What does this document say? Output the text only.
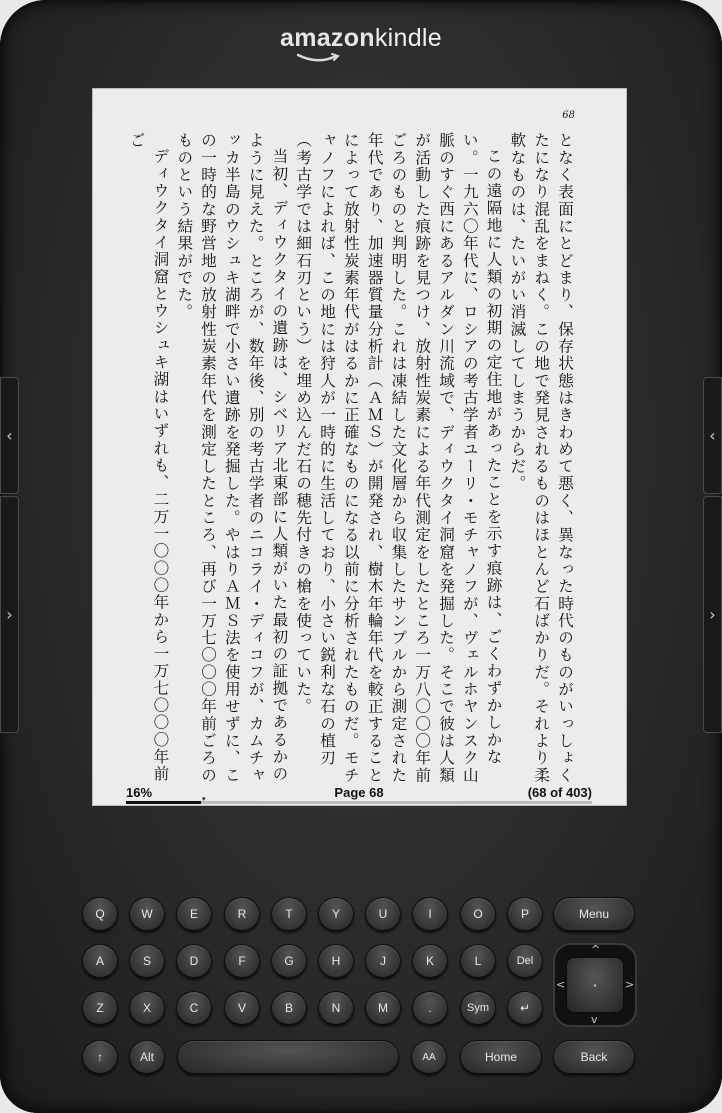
amazonkindle
‹
›
‹
›
68

となく表面にとどまり、保存状態はきわめて悪く、異なった時代のものがいっしょくたになり混乱をまねく。この地で発見されるものはほとんど石ばかりだ。それより柔軟なものは、たいがい消滅してしまうからだ。

この遠隔地に人類の初期の定住地があったことを示す痕跡は、ごくわずかしかない。一九六〇年代に、ロシアの考古学者ユーリ・モチャノフが、ヴェルホヤンスク山脈のすぐ西にあるアルダン川流域で、ディウクタイ洞窟を発掘した。そこで彼は人類が活動した痕跡を見つけ、放射性炭素による年代測定をしたところ一万八〇〇〇年前ごろのものと判明した。これは凍結した文化層から収集したサンプルから測定された年代であり、加速器質量分析計（ＡＭＳ）が開発され、樹木年輪年代を較正することによって放射性炭素年代がはるかに正確なものになる以前に分析されたものだ。モチャノフによれば、この地には狩人が一時的に生活しており、小さい鋭利な石の植刃（考古学では細石刃という）を埋め込んだ石の穂先付きの槍を使っていた。

当初、ディウクタイの遺跡は、シベリア北東部に人類がいた最初の証拠であるかのように見えた。ところが、数年後、別の考古学者のニコライ・ディコフが、カムチャッカ半島のウシュキ湖畔で小さい遺跡を発掘した。やはりＡＭＳ法を使用せずに、この一時的な野営地の放射性炭素年代を測定したところ、再び一万七〇〇〇年前ごろのものという結果がでた。

ディウクタイ洞窟とウシュキ湖はいずれも、二万一〇〇〇年から一万七〇〇〇年前ご

16%	Page 68	(68 of 403)
▾
Q	W	E	R	T	Y	U	I	O	P
A	S	D	F	G	H	J	K	L	Del
Z	X	C	V	B	N	M	.	Sym	↵
Menu
↑	Alt	AA	Home	Back
·
^
v
<	>
